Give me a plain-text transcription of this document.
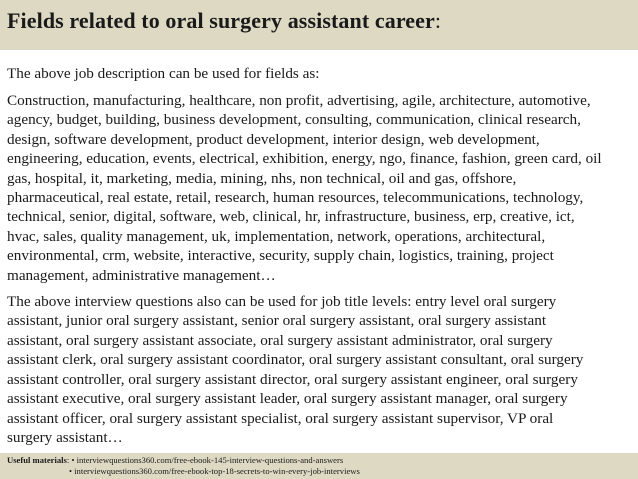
Fields related to oral surgery assistant career:
The above job description can be used for fields as:
Construction, manufacturing, healthcare, non profit, advertising, agile, architecture, automotive,
agency, budget, building, business development, consulting, communication, clinical research,
design, software development, product development, interior design, web development,
engineering, education, events, electrical, exhibition, energy, ngo, finance, fashion, green card, oil
gas, hospital, it, marketing, media, mining, nhs, non technical, oil and gas, offshore,
pharmaceutical, real estate, retail, research, human resources, telecommunications, technology,
technical, senior, digital, software, web, clinical, hr, infrastructure, business, erp, creative, ict,
hvac, sales, quality management, uk, implementation, network, operations, architectural,
environmental, crm, website, interactive, security, supply chain, logistics, training, project
management, administrative management…
The above interview questions also can be used for job title levels: entry level oral surgery
assistant, junior oral surgery assistant, senior oral surgery assistant, oral surgery assistant
assistant, oral surgery assistant associate, oral surgery assistant administrator, oral surgery
assistant clerk, oral surgery assistant coordinator, oral surgery assistant consultant, oral surgery
assistant controller, oral surgery assistant director, oral surgery assistant engineer, oral surgery
assistant executive, oral surgery assistant leader, oral surgery assistant manager, oral surgery
assistant officer, oral surgery assistant specialist, oral surgery assistant supervisor, VP oral
surgery assistant…
Useful materials: • interviewquestions360.com/free-ebook-145-interview-questions-and-answers
• interviewquestions360.com/free-ebook-top-18-secrets-to-win-every-job-interviews
